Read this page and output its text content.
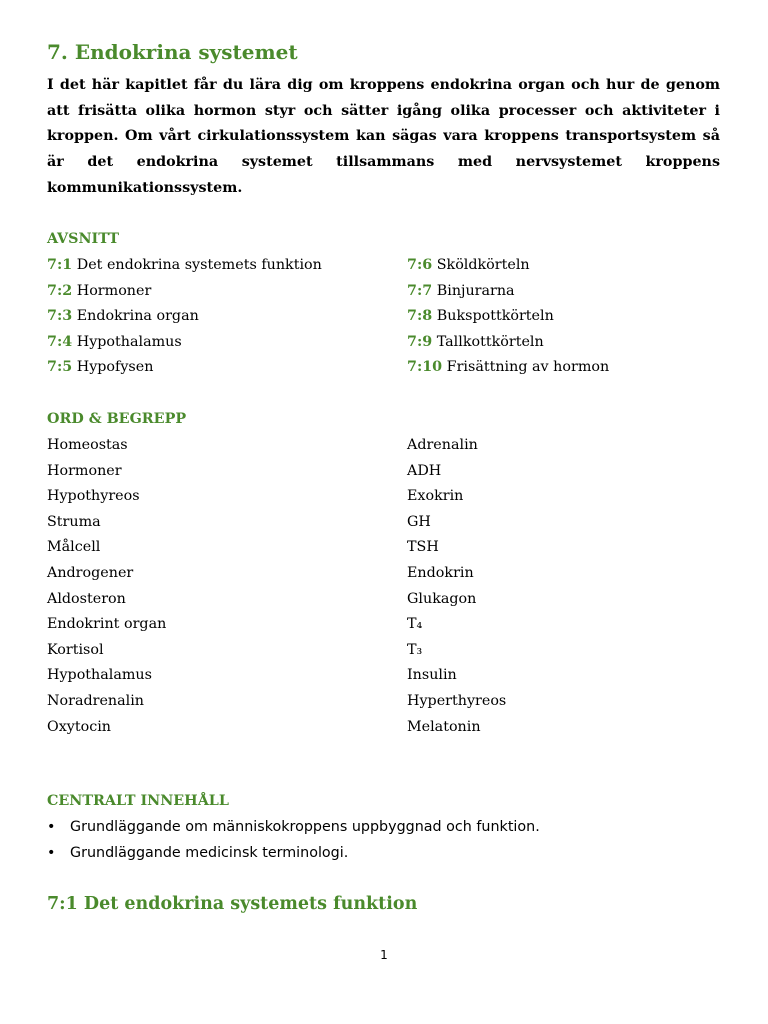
7. Endokrina systemet

I det här kapitlet får du lära dig om kroppens endokrina organ och hur de genom att frisätta olika hormon styr och sätter igång olika processer och aktiviteter i kroppen. Om vårt cirkulationssystem kan sägas vara kroppens transportsystem så är det endokrina systemet tillsammans med nervsystemet kroppens kommunikationssystem.

AVSNITT

7:1 Det endokrina systemets funktion
7:2 Hormoner
7:3 Endokrina organ
7:4 Hypothalamus
7:5 Hypofysen
7:6 Sköldkörteln
7:7 Binjurarna
7:8 Bukspottkörteln
7:9 Tallkottkörteln
7:10 Frisättning av hormon

ORD & BEGREPP

Homeostas
Hormoner
Hypothyreos
Struma
Målcell
Androgener
Aldosteron
Endokrint organ
Kortisol
Hypothalamus
Noradrenalin
Oxytocin
Adrenalin
ADH
Exokrin
GH
TSH
Endokrin
Glukagon
T₄
T₃
Insulin
Hyperthyreos
Melatonin

CENTRALT INNEHÅLL

• Grundläggande om människokroppens uppbyggnad och funktion.
• Grundläggande medicinsk terminologi.
7:1 Det endokrina systemets funktion
1
